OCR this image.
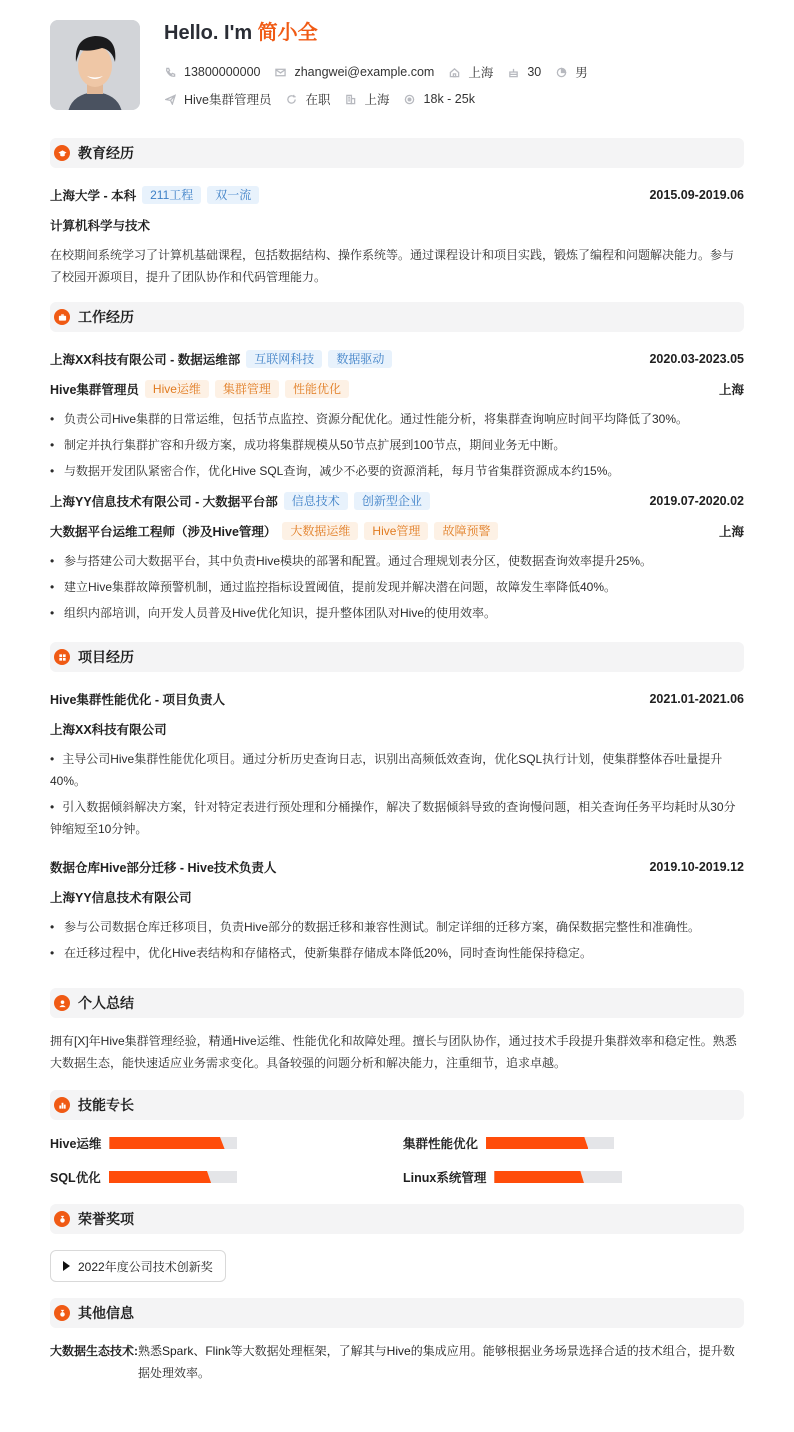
Hello. I'm 简小全
13800000000	zhangwei@example.com	上海	30	男
Hive集群管理员	在职	上海	18k - 25k
教育经历
上海大学 - 本科	211工程	双一流	2015.09-2019.06
计算机科学与技术

在校期间系统学习了计算机基础课程，包括数据结构、操作系统等。通过课程设计和项目实践，锻炼了编程和问题解决能力。参与了校园开源项目，提升了团队协作和代码管理能力。

工作经历
上海XX科技有限公司 - 数据运维部	互联网科技	数据驱动	2020.03-2023.05
Hive集群管理员	Hive运维	集群管理	性能优化	上海
• 负责公司Hive集群的日常运维，包括节点监控、资源分配优化。通过性能分析，将集群查询响应时间平均降低了30%。
• 制定并执行集群扩容和升级方案，成功将集群规模从50节点扩展到100节点，期间业务无中断。
• 与数据开发团队紧密合作，优化Hive SQL查询，减少不必要的资源消耗，每月节省集群资源成本约15%。
上海YY信息技术有限公司 - 大数据平台部	信息技术	创新型企业	2019.07-2020.02
大数据平台运维工程师（涉及Hive管理）	大数据运维	Hive管理	故障预警	上海
• 参与搭建公司大数据平台，其中负责Hive模块的部署和配置。通过合理规划表分区，使数据查询效率提升25%。
• 建立Hive集群故障预警机制，通过监控指标设置阈值，提前发现并解决潜在问题，故障发生率降低40%。
• 组织内部培训，向开发人员普及Hive优化知识，提升整体团队对Hive的使用效率。
项目经历
Hive集群性能优化 - 项目负责人	2021.01-2021.06
上海XX科技有限公司
• 主导公司Hive集群性能优化项目。通过分析历史查询日志，识别出高频低效查询，优化SQL执行计划，使集群整体吞吐量提升40%。
• 引入数据倾斜解决方案，针对特定表进行预处理和分桶操作，解决了数据倾斜导致的查询慢问题，相关查询任务平均耗时从30分钟缩短至10分钟。
数据仓库Hive部分迁移 - Hive技术负责人	2019.10-2019.12
上海YY信息技术有限公司
• 参与公司数据仓库迁移项目，负责Hive部分的数据迁移和兼容性测试。制定详细的迁移方案，确保数据完整性和准确性。
• 在迁移过程中，优化Hive表结构和存储格式，使新集群存储成本降低20%，同时查询性能保持稳定。
个人总结

拥有[X]年Hive集群管理经验，精通Hive运维、性能优化和故障处理。擅长与团队协作，通过技术手段提升集群效率和稳定性。熟悉大数据生态，能快速适应业务需求变化。具备较强的问题分析和解决能力，注重细节，追求卓越。

技能专长
Hive运维	集群性能优化
SQL优化	Linux系统管理
荣誉奖项
2022年度公司技术创新奖
其他信息
大数据生态技术: 熟悉Spark、Flink等大数据处理框架，了解其与Hive的集成应用。能够根据业务场景选择合适的技术组合，提升数据处理效率。
